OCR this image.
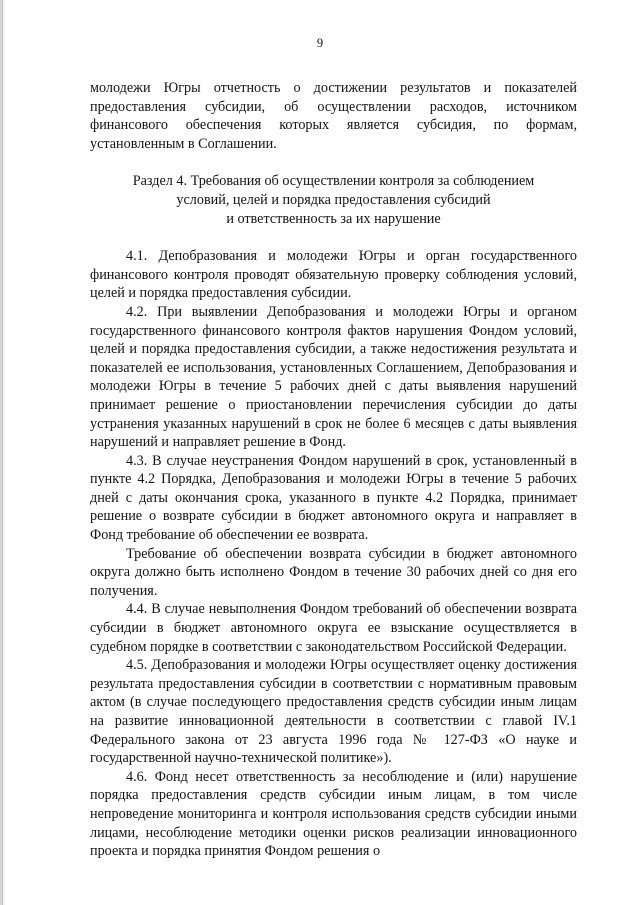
9

молодежи Югры отчетность о достижении результатов и показателей предоставления субсидии, об осуществлении расходов, источником финансового обеспечения которых является субсидия, по формам, установленным в Соглашении.

Раздел 4. Требования об осуществлении контроля за соблюдением
условий, целей и порядка предоставления субсидий
и ответственность за их нарушение

4.1. Депобразования и молодежи Югры и орган государственного финансового контроля проводят обязательную проверку соблюдения условий, целей и порядка предоставления субсидии.

4.2. При выявлении Депобразования и молодежи Югры и органом государственного финансового контроля фактов нарушения Фондом условий, целей и порядка предоставления субсидии, а также недостижения результата и показателей ее использования, установленных Соглашением, Депобразования и молодежи Югры в течение 5 рабочих дней с даты выявления нарушений принимает решение о приостановлении перечисления субсидии до даты устранения указанных нарушений в срок не более 6 месяцев с даты выявления нарушений и направляет решение в Фонд.

4.3. В случае неустранения Фондом нарушений в срок, установленный в пункте 4.2 Порядка, Депобразования и молодежи Югры в течение 5 рабочих дней с даты окончания срока, указанного в пункте 4.2 Порядка, принимает решение о возврате субсидии в бюджет автономного округа и направляет в Фонд требование об обеспечении ее возврата.

Требование об обеспечении возврата субсидии в бюджет автономного округа должно быть исполнено Фондом в течение 30 рабочих дней со дня его получения.

4.4. В случае невыполнения Фондом требований об обеспечении возврата субсидии в бюджет автономного округа ее взыскание осуществляется в судебном порядке в соответствии с законодательством Российской Федерации.

4.5. Депобразования и молодежи Югры осуществляет оценку достижения результата предоставления субсидии в соответствии с нормативным правовым актом (в случае последующего предоставления средств субсидии иным лицам на развитие инновационной деятельности в соответствии с главой IV.1 Федерального закона от 23 августа 1996 года № 127-ФЗ «О науке и государственной научно-технической политике»).

4.6. Фонд несет ответственность за несоблюдение и (или) нарушение порядка предоставления средств субсидии иным лицам, в том числе непроведение мониторинга и контроля использования средств субсидии иными лицами, несоблюдение методики оценки рисков реализации инновационного проекта и порядка принятия Фондом решения о
